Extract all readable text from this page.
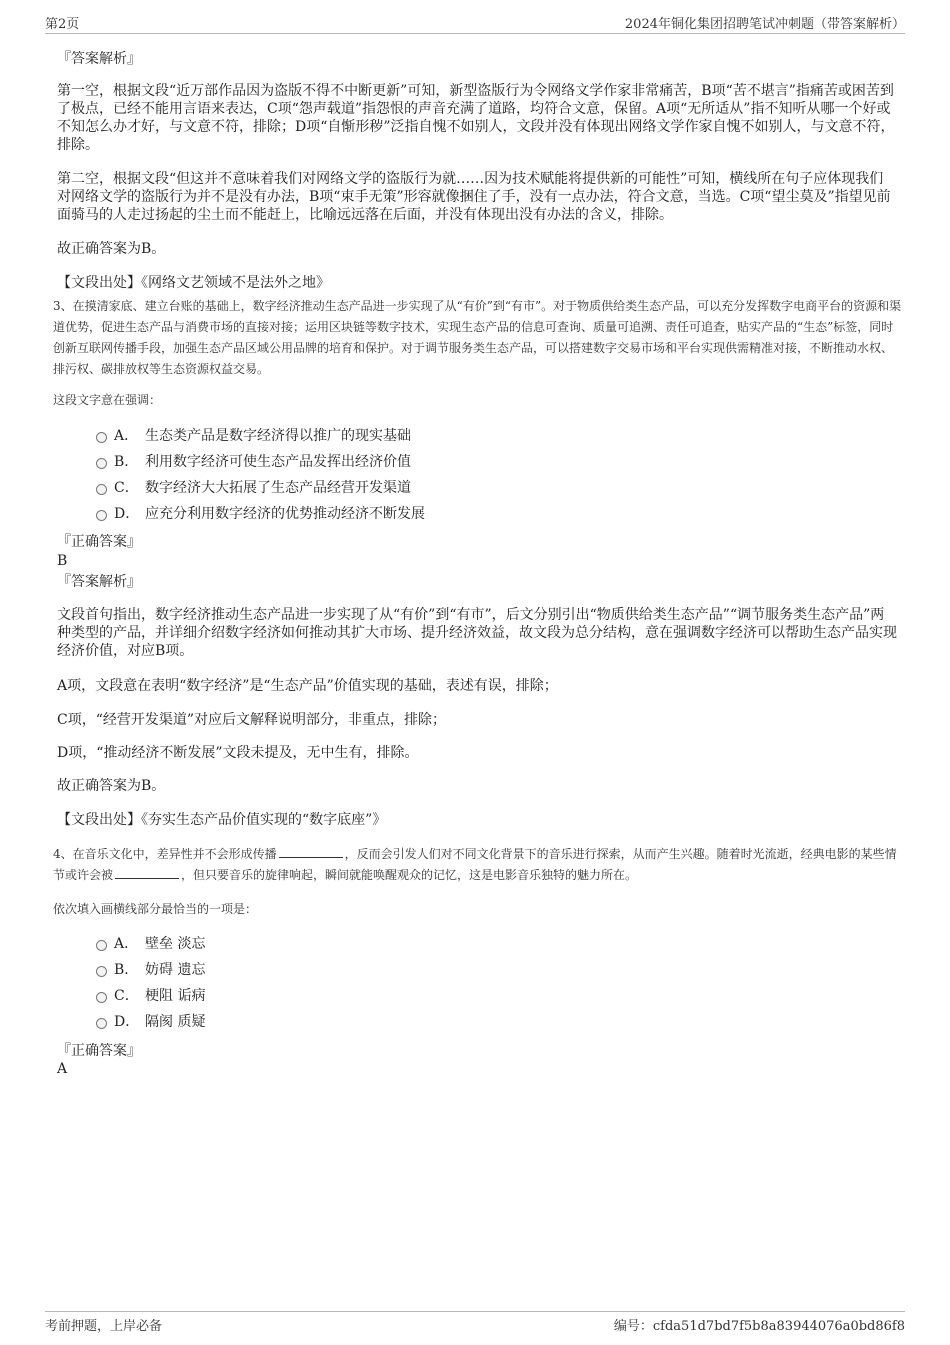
第2页	2024年铜化集团招聘笔试冲刺题（带答案解析）
『答案解析』
第一空，根据文段“近万部作品因为盗版不得不中断更新”可知，新型盗版行为令网络文学作家非常痛苦，B项“苦不堪言”指痛苦或困苦到了极点，已经不能用言语来表达，C项“怨声载道”指怨恨的声音充满了道路，均符合文意，保留。A项“无所适从”指不知听从哪一个好或不知怎么办才好，与文意不符，排除；D项“自惭形秽”泛指自愧不如别人，文段并没有体现出网络文学作家自愧不如别人，与文意不符，排除。
第二空，根据文段“但这并不意味着我们对网络文学的盗版行为就……因为技术赋能将提供新的可能性”可知，横线所在句子应体现我们对网络文学的盗版行为并不是没有办法，B项“束手无策”形容就像捆住了手，没有一点办法，符合文意，当选。C项“望尘莫及”指望见前面骑马的人走过扬起的尘土而不能赶上，比喻远远落在后面，并没有体现出没有办法的含义，排除。
故正确答案为B。
【文段出处】《网络文艺领域不是法外之地》
3、在摸清家底、建立台账的基础上，数字经济推动生态产品进一步实现了从“有价”到“有市”。对于物质供给类生态产品，可以充分发挥数字电商平台的资源和渠道优势，促进生态产品与消费市场的直接对接；运用区块链等数字技术，实现生态产品的信息可查询、质量可追溯、责任可追查，贴实产品的“生态”标签，同时创新互联网传播手段，加强生态产品区域公用品牌的培育和保护。对于调节服务类生态产品，可以搭建数字交易市场和平台实现供需精准对接，不断推动水权、排污权、碳排放权等生态资源权益交易。
这段文字意在强调：
A． 生态类产品是数字经济得以推广的现实基础
B． 利用数字经济可使生态产品发挥出经济价值
C． 数字经济大大拓展了生态产品经营开发渠道
D． 应充分利用数字经济的优势推动经济不断发展
『正确答案』
B
『答案解析』
文段首句指出，数字经济推动生态产品进一步实现了从“有价”到“有市”，后文分别引出“物质供给类生态产品”“调节服务类生态产品”两种类型的产品，并详细介绍数字经济如何推动其扩大市场、提升经济效益，故文段为总分结构，意在强调数字经济可以帮助生态产品实现经济价值，对应B项。
A项，文段意在表明“数字经济”是“生态产品”价值实现的基础，表述有误，排除；
C项，“经营开发渠道”对应后文解释说明部分，非重点，排除；
D项，“推动经济不断发展”文段未提及，无中生有，排除。
故正确答案为B。
【文段出处】《夯实生态产品价值实现的“数字底座”》
4、在音乐文化中，差异性并不会形成传播	，反而会引发人们对不同文化背景下的音乐进行探索，从而产生兴趣。随着时光流逝，经典电影的某些情节或许会被	，但只要音乐的旋律响起，瞬间就能唤醒观众的记忆，这是电影音乐独特的魅力所在。
依次填入画横线部分最恰当的一项是：
A． 壁垒 淡忘
B． 妨碍 遗忘
C． 梗阻 诟病
D． 隔阂 质疑
『正确答案』
A
考前押题，上岸必备	编号：cfda51d7bd7f5b8a83944076a0bd86f8
